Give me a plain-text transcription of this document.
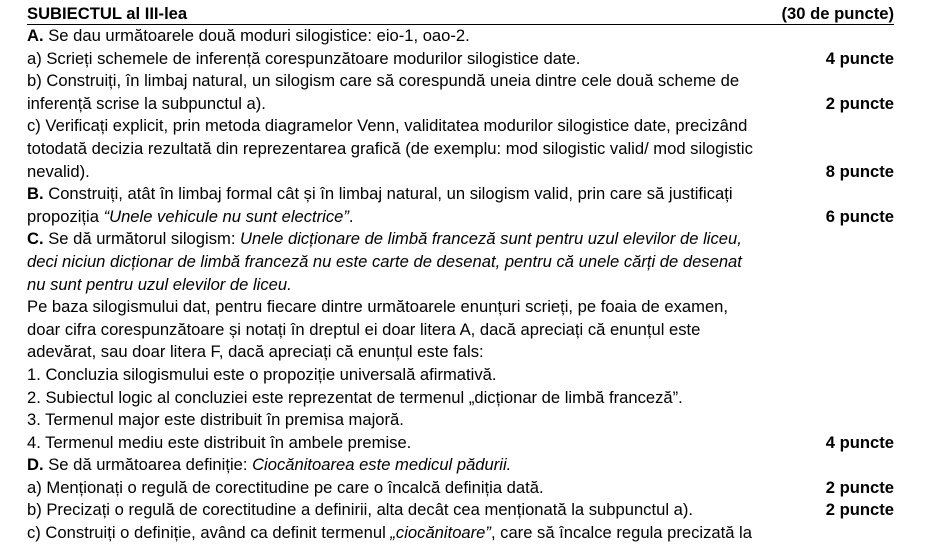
SUBIECTUL al III-lea	(30 de puncte)
A. Se dau următoarele două moduri silogistice: eio-1, oao-2.
a) Scrieți schemele de inferență corespunzătoare modurilor silogistice date.	4 puncte
b) Construiți, în limbaj natural, un silogism care să corespundă uneia dintre cele două scheme de
inferență scrise la subpunctul a).	2 puncte
c) Verificați explicit, prin metoda diagramelor Venn, validitatea modurilor silogistice date, precizând
totodată decizia rezultată din reprezentarea grafică (de exemplu: mod silogistic valid/ mod silogistic
nevalid).	8 puncte
B. Construiți, atât în limbaj formal cât și în limbaj natural, un silogism valid, prin care să justificați
propoziția “Unele vehicule nu sunt electrice”.	6 puncte
C. Se dă următorul silogism: Unele dicționare de limbă franceză sunt pentru uzul elevilor de liceu,
deci niciun dicționar de limbă franceză nu este carte de desenat, pentru că unele cărți de desenat
nu sunt pentru uzul elevilor de liceu.
Pe baza silogismului dat, pentru fiecare dintre următoarele enunțuri scrieți, pe foaia de examen,
doar cifra corespunzătoare și notați în dreptul ei doar litera A, dacă apreciați că enunțul este
adevărat, sau doar litera F, dacă apreciați că enunțul este fals:
1. Concluzia silogismului este o propoziție universală afirmativă.
2. Subiectul logic al concluziei este reprezentat de termenul „dicționar de limbă franceză”.
3. Termenul major este distribuit în premisa majoră.
4. Termenul mediu este distribuit în ambele premise.	4 puncte
D. Se dă următoarea definiție: Ciocănitoarea este medicul pădurii.
a) Menționați o regulă de corectitudine pe care o încalcă definiția dată.	2 puncte
b) Precizați o regulă de corectitudine a definirii, alta decât cea menționată la subpunctul a).	2 puncte
c) Construiți o definiție, având ca definit termenul „ciocănitoare”, care să încalce regula precizată la
